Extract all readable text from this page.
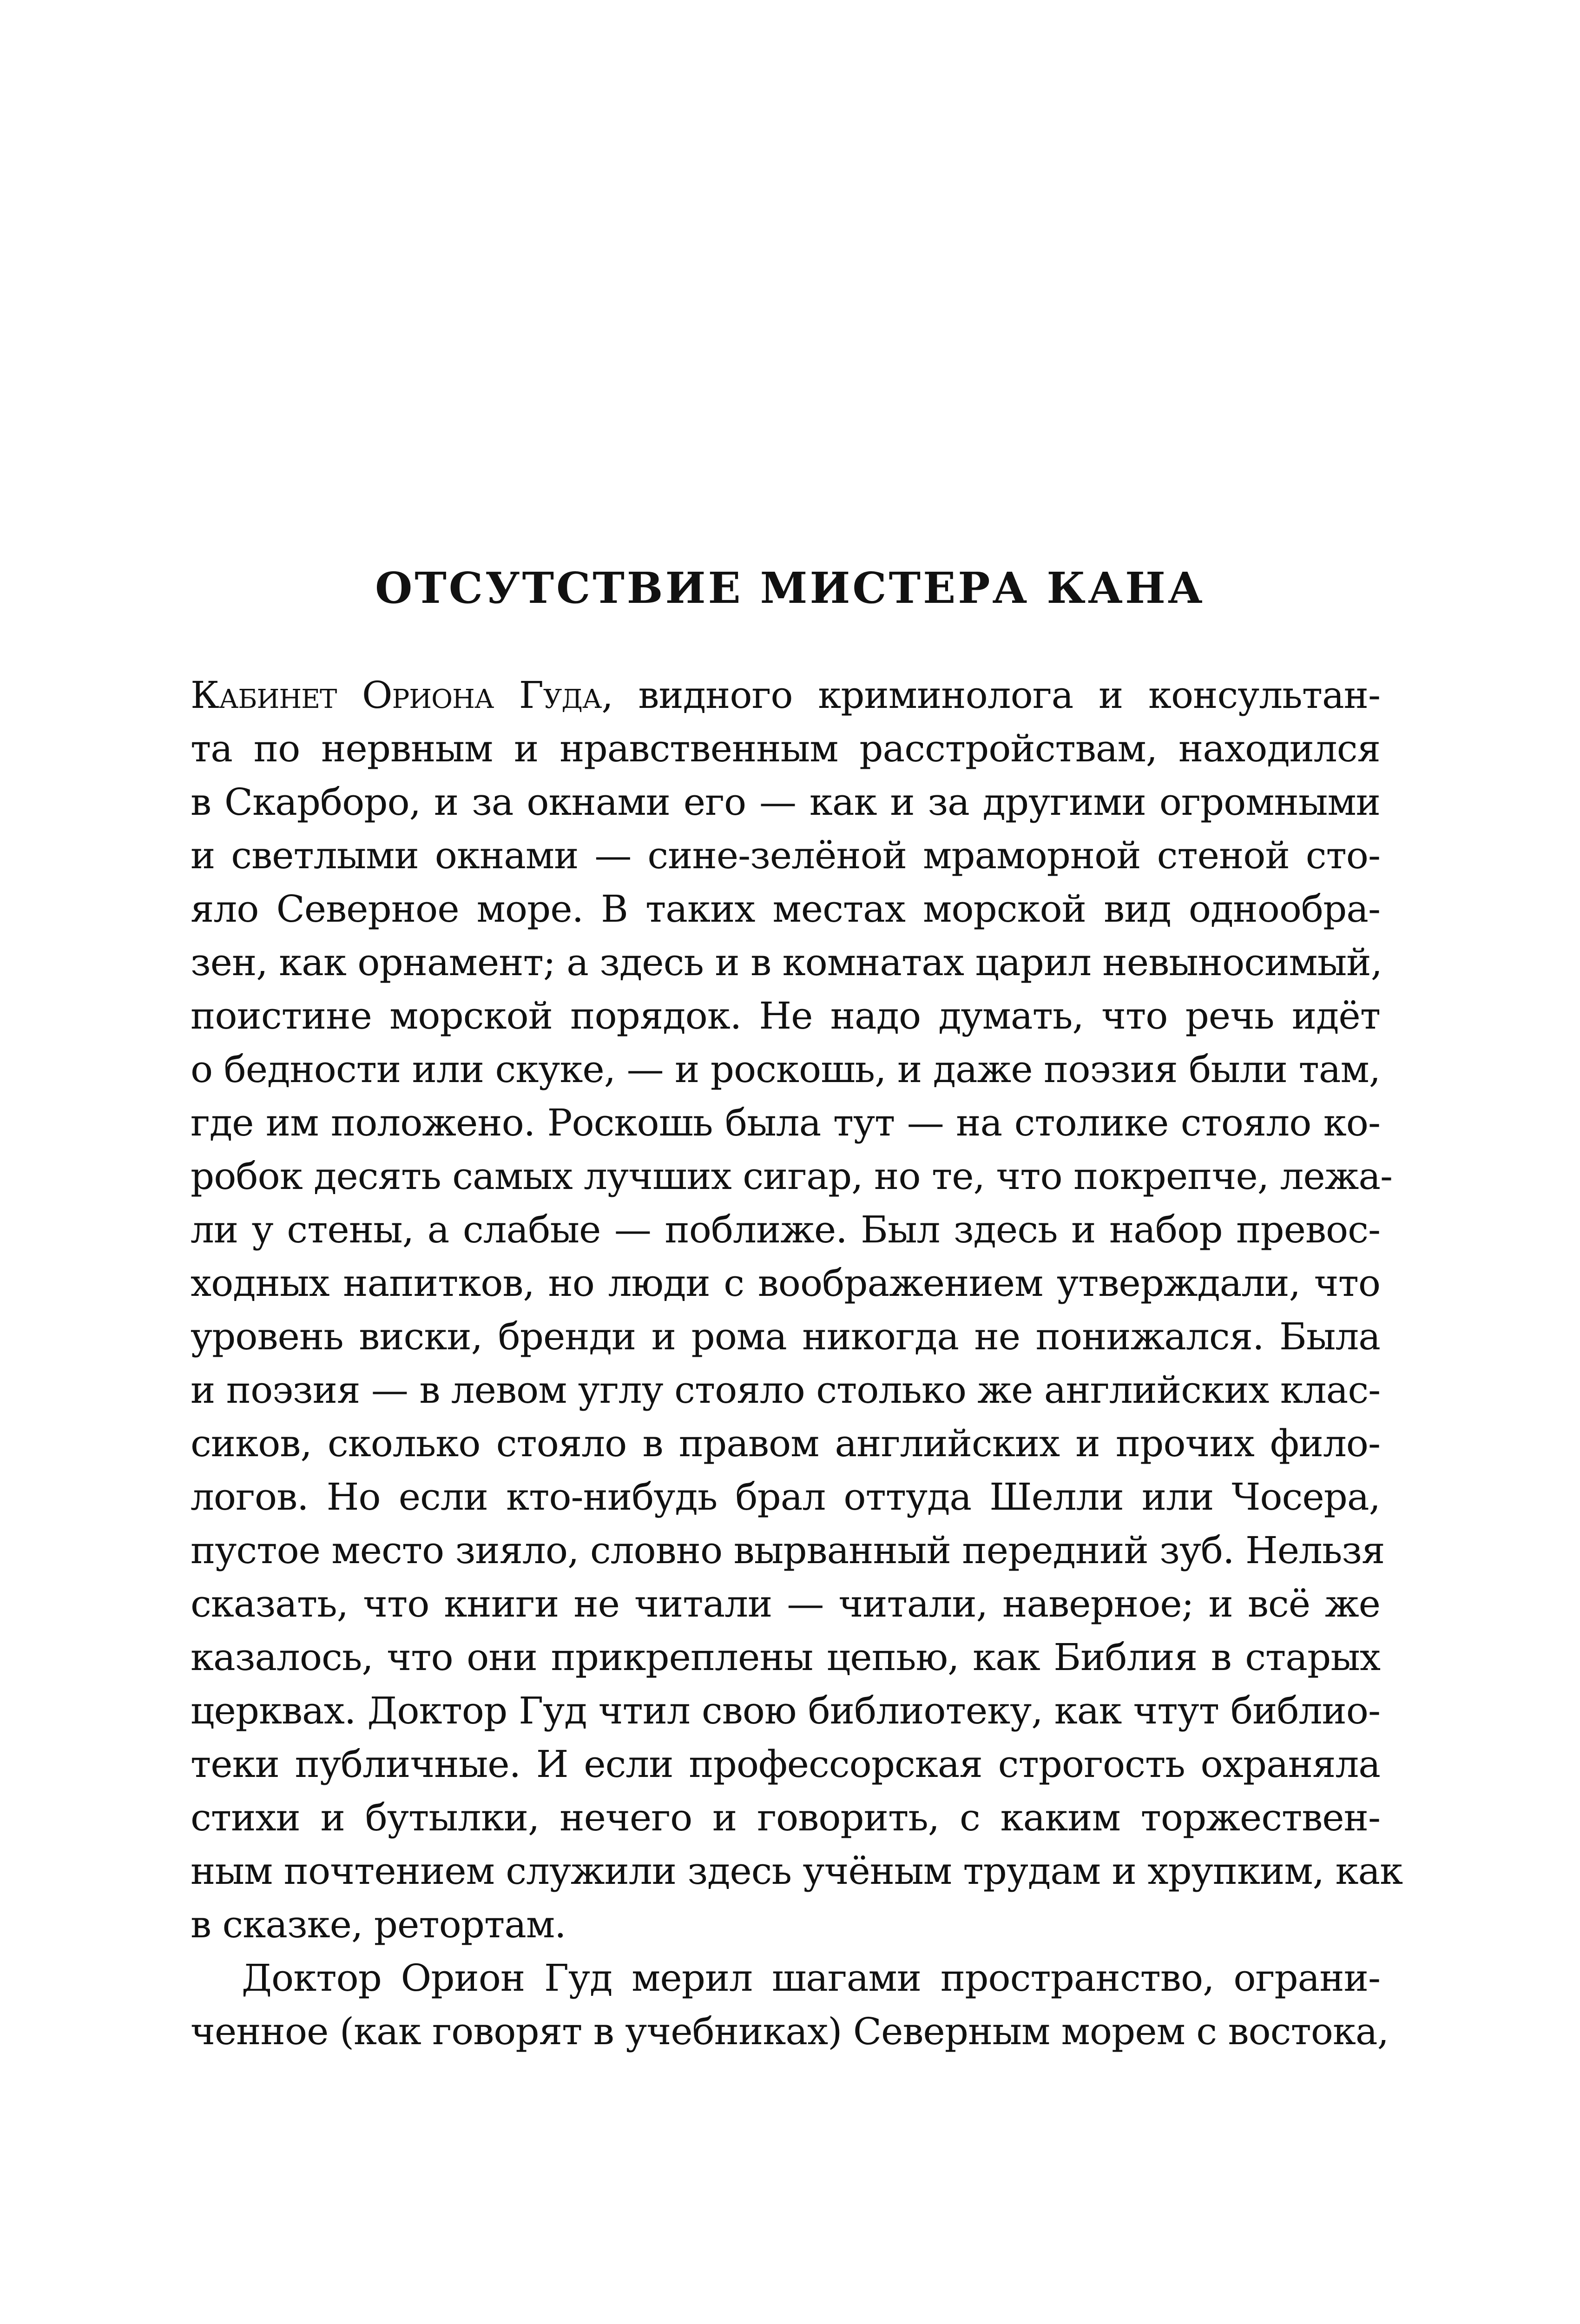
ОТСУТСТВИЕ МИСТЕРА КАНА
Кабинет Ориона Гуда, видного криминолога и консультан-
та по нервным и нравственным расстройствам, находился
в Скарборо, и за окнами его — как и за другими огромными
и светлыми окнами — сине-зелёной мраморной стеной сто-
яло Северное море. В таких местах морской вид однообра-
зен, как орнамент; а здесь и в комнатах царил невыносимый,
поистине морской порядок. Не надо думать, что речь идёт
о бедности или скуке, — и роскошь, и даже поэзия были там,
где им положено. Роскошь была тут — на столике стояло ко-
робок десять самых лучших сигар, но те, что покрепче, лежа-
ли у стены, а слабые — поближе. Был здесь и набор превос-
ходных напитков, но люди с воображением утверждали, что
уровень виски, бренди и рома никогда не понижался. Была
и поэзия — в левом углу стояло столько же английских клас-
сиков, сколько стояло в правом английских и прочих фило-
логов. Но если кто-нибудь брал оттуда Шелли или Чосера,
пустое место зияло, словно вырванный передний зуб. Нельзя
сказать, что книги не читали — читали, наверное; и всё же
казалось, что они прикреплены цепью, как Библия в старых
церквах. Доктор Гуд чтил свою библиотеку, как чтут библио-
теки публичные. И если профессорская строгость охраняла
стихи и бутылки, нечего и говорить, с каким торжествен-
ным почтением служили здесь учёным трудам и хрупким, как
в сказке, ретортам.
Доктор Орион Гуд мерил шагами пространство, ограни-
ченное (как говорят в учебниках) Северным морем с востока,
